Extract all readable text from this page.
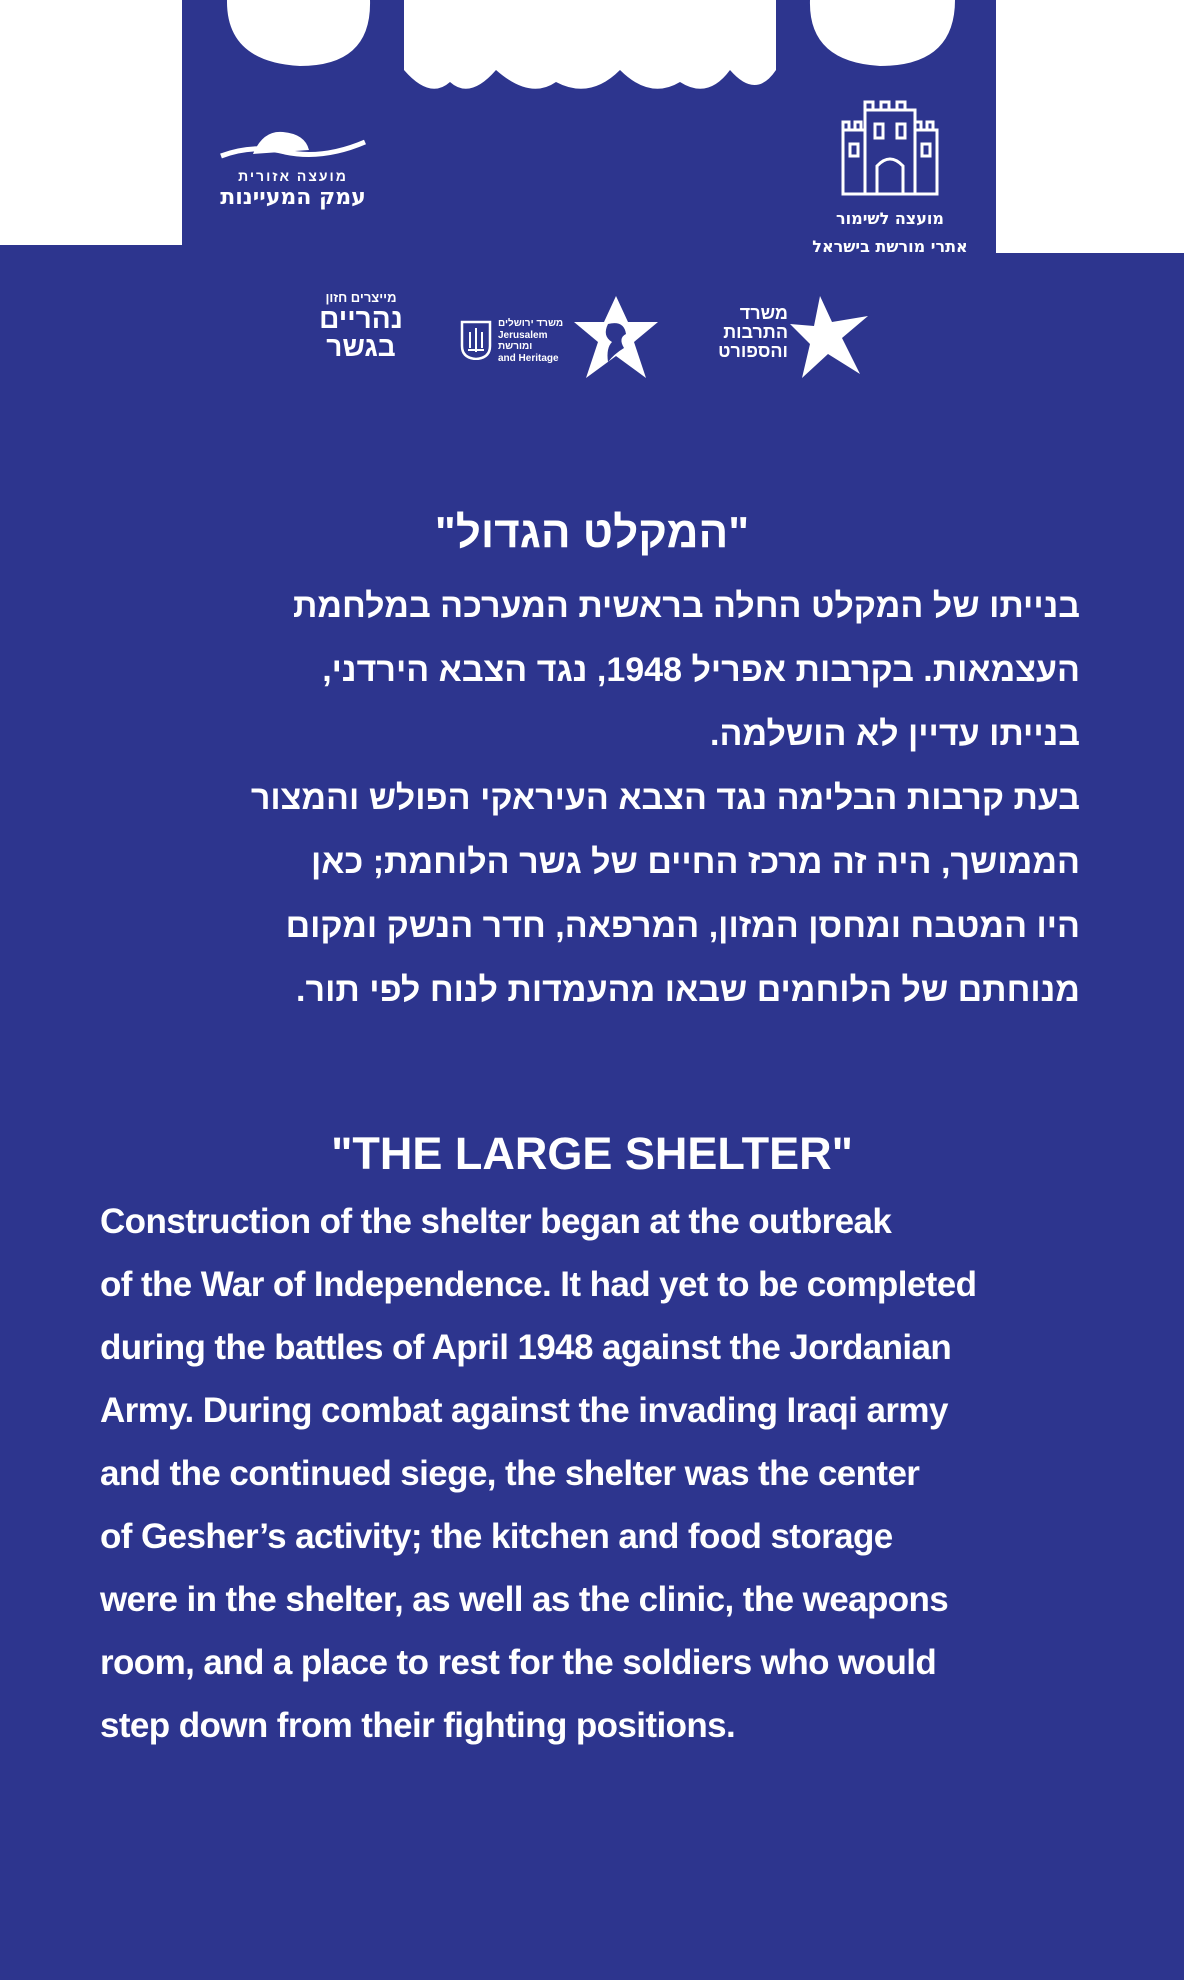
מועצה אזורית
עמק המעיינות
מועצה לשימור
אתרי מורשת בישראל
מייצרים חזון
נהריים
בגשר
משרד ירושלים
Jerusalem
ומורשת
and Heritage
משרד
התרבות
והספורט
"המקלט הגדול"

בנייתו של המקלט החלה בראשית המערכה במלחמת

העצמאות. בקרבות אפריל 1948, נגד הצבא הירדני,

בנייתו עדיין לא הושלמה.

בעת קרבות הבלימה נגד הצבא העיראקי הפולש והמצור

הממושך, היה זה מרכז החיים של גשר הלוחמת; כאן

היו המטבח ומחסן המזון, המרפאה, חדר הנשק ומקום

מנוחתם של הלוחמים שבאו מהעמדות לנוח לפי תור.

"THE LARGE SHELTER"

Construction of the shelter began at the outbreak

of the War of Independence. It had yet to be completed

during the battles of April 1948 against the Jordanian

Army. During combat against the invading Iraqi army

and the continued siege, the shelter was the center

of Gesher’s activity; the kitchen and food storage

were in the shelter, as well as the clinic, the weapons

room, and a place to rest for the soldiers who would

step down from their fighting positions.
